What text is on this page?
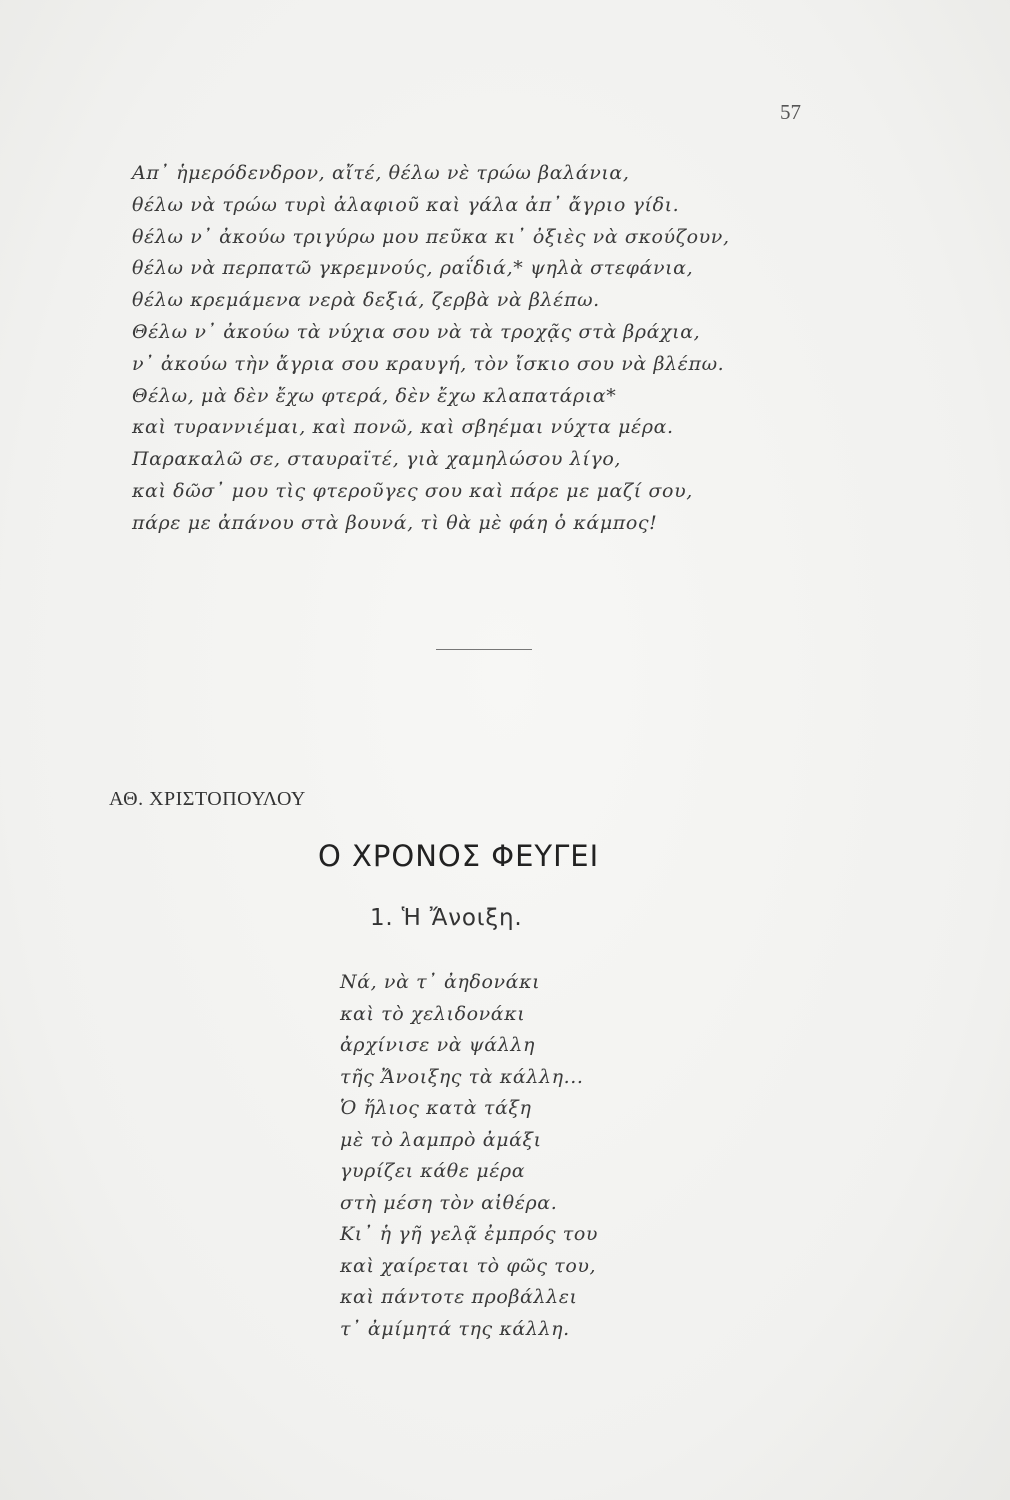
57
Απ᾽ ἡμερόδενδρον, αἴτέ, θέλω νὲ τρώω βαλάνια,
θέλω νὰ τρώω τυρὶ ἀλαφιοῦ καὶ γάλα ἀπ᾽ ἄγριο γίδι.
θέλω ν᾽ ἀκούω τριγύρω μου πεῦκα κι᾽ ὀξιὲς νὰ σκούζουν,
θέλω νὰ περπατῶ γκρεμνούς, ραΐδιά,* ψηλὰ στεφάνια,
θέλω κρεμάμενα νερὰ δεξιά, ζερβὰ νὰ βλέπω.
Θέλω ν᾽ ἀκούω τὰ νύχια σου νὰ τὰ τροχᾷς στὰ βράχια,
ν᾽ ἀκούω τὴν ἄγρια σου κραυγή, τὸν ἴσκιο σου νὰ βλέπω.
Θέλω, μὰ δὲν ἔχω φτερά, δὲν ἔχω κλαπατάρια*
καὶ τυραννιέμαι, καὶ πονῶ, καὶ σβηέμαι νύχτα μέρα.
Παρακαλῶ σε, σταυραϊτέ, γιὰ χαμηλώσου λίγο,
καὶ δῶσ᾽ μου τὶς φτεροῦγες σου καὶ πάρε με μαζί σου,
πάρε με ἀπάνου στὰ βουνά, τὶ θὰ μὲ φάη ὁ κάμπος!
ΑΘ. ΧΡΙΣΤΟΠΟΥΛΟΥ
Ο ΧΡΟΝΟΣ ΦΕΥΓΕΙ
1. Ἡ Ἄνοιξη.
Νά, νὰ τ᾽ ἀηδονάκι
καὶ τὸ χελιδονάκι
ἀρχίνισε νὰ ψάλλη
τῆς Ἄνοιξης τὰ κάλλη...
Ὁ ἥλιος κατὰ τάξη
μὲ τὸ λαμπρὸ ἀμάξι
γυρίζει κάθε μέρα
στὴ μέση τὸν αἰθέρα.
Κι᾽ ἡ γῆ γελᾷ ἐμπρός του
καὶ χαίρεται τὸ φῶς του,
καὶ πάντοτε προβάλλει
τ᾽ ἀμίμητά της κάλλη.
